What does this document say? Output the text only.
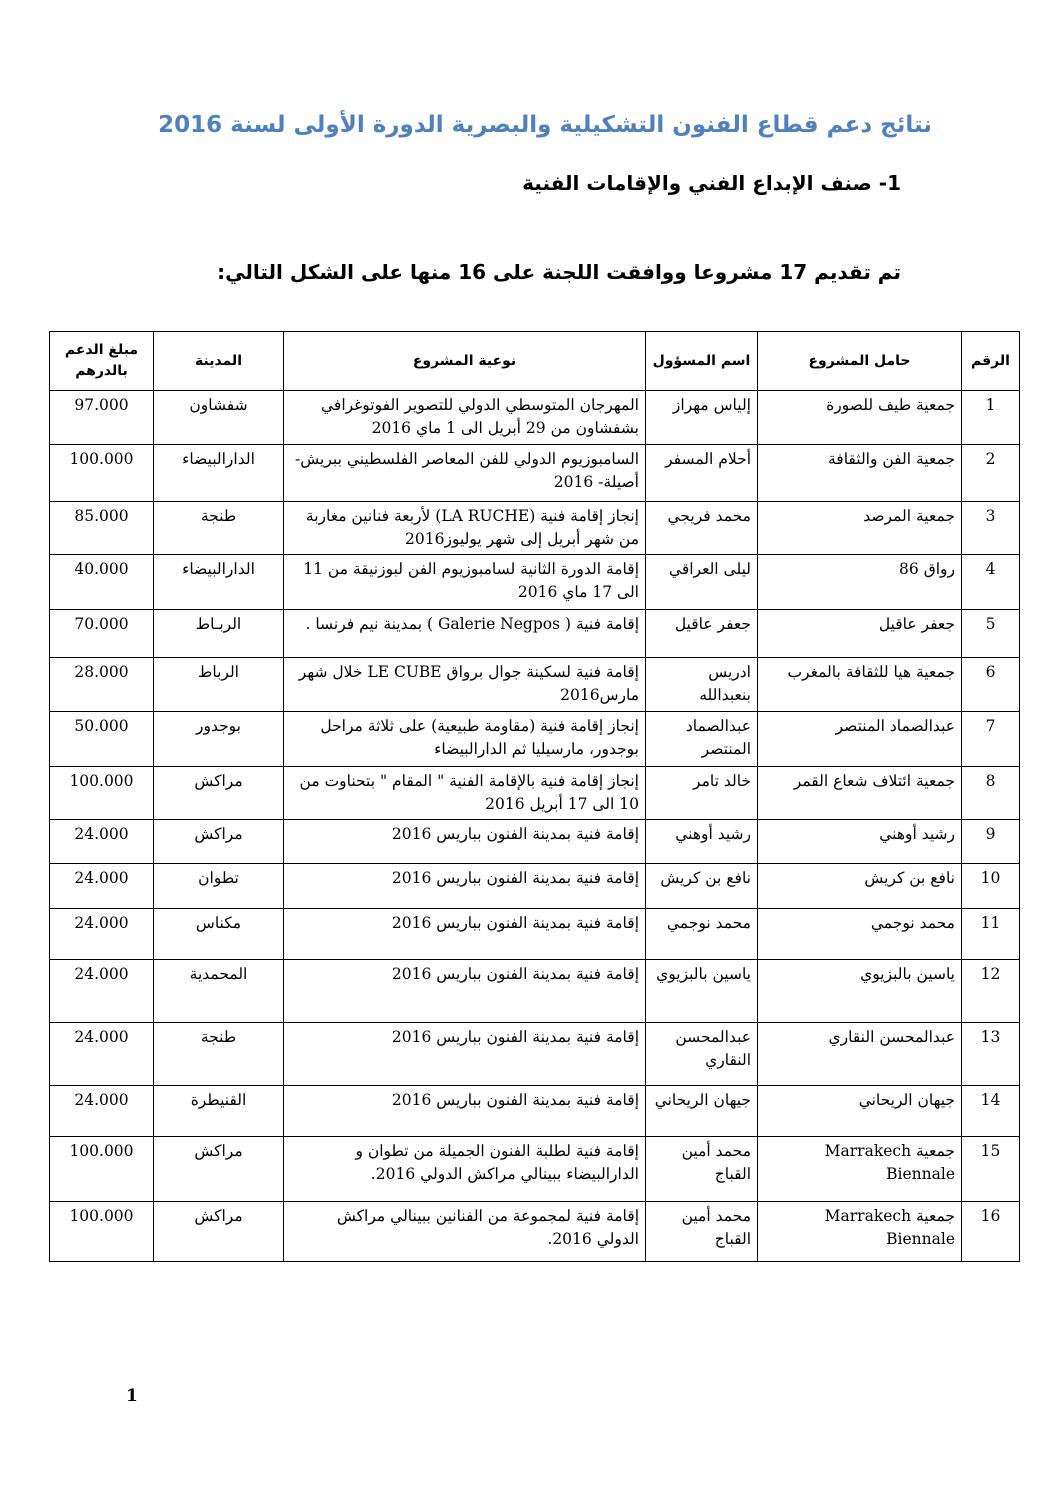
نتائج دعم قطاع الفنون التشكيلية والبصرية الدورة الأولى لسنة 2016
1- صنف الإبداع الفني والإقامات الفنية
تم تقديم 17 مشروعا ووافقت اللجنة على 16 منها على الشكل التالي:
الرقم	حامل المشروع	اسم المسؤول	نوعية المشروع	المدينة	مبلغ الدعم بالدرهم
1	جمعية طيف للصورة	إلياس مهراز	المهرجان المتوسطي الدولي للتصوير الفوتوغرافي بشفشاون من 29 أبريل الى 1 ماي 2016	شفشاون	97.000
2	جمعية الفن والثقافة	أحلام المسفر	السامبوزيوم الدولي للفن المعاصر الفلسطيني ببريش- أصيلة- 2016	الدارالبيضاء	100.000
3	جمعية المرصد	محمد فريجي	إنجاز إقامة فنية (LA RUCHE) لأربعة فنانين مغاربة من شهر أبريل إلى شهر يوليوز2016	طنجة	85.000
4	رواق 86	ليلى العراقي	إقامة الدورة الثانية لسامبوزيوم الفن لبوزنيقة من 11 الى 17 ماي 2016	الدارالبيضاء	40.000
5	جعفر عاقيل	جعفر عاقيل	إقامة فنية ( Galerie Negpos ) بمدينة نيم فرنسا .	الربـاط	70.000
6	جمعية هيا للثقافة بالمغرب	ادريس بنعبدالله	إقامة فنية لسكينة جوال برواق LE CUBE خلال شهر مارس2016	الرباط	28.000
7	عبدالصماد المنتصر	عبدالصماد المنتصر	إنجاز إقامة فنية (مقاومة طبيعية) على ثلاثة مراحل بوجدور، مارسيليا ثم الدارالبيضاء	بوجدور	50.000
8	جمعية ائتلاف شعاع القمر	خالد تامر	إنجاز إقامة فنية بالإقامة الفنية " المقام " بتحناوت من 10 الى 17 أبريل 2016	مراكش	100.000
9	رشيد أوهني	رشيد أوهني	إقامة فنية بمدينة الفنون بباريس 2016	مراكش	24.000
10	نافع بن كريش	نافع بن كريش	إقامة فنية بمدينة الفنون بباريس 2016	تطوان	24.000
11	محمد نوجمي	محمد نوجمي	إقامة فنية بمدينة الفنون بباريس 2016	مكناس	24.000
12	ياسين بالبزيوي	ياسين بالبزيوي	إقامة فنية بمدينة الفنون بباريس 2016	المحمدية	24.000
13	عبدالمحسن النقاري	عبدالمحسن النقاري	إقامة فنية بمدينة الفنون بباريس 2016	طنجة	24.000
14	جيهان الريحاني	جيهان الريحاني	إقامة فنية بمدينة الفنون بباريس 2016	القنيطرة	24.000
15	جمعية Marrakech Biennale	محمد أمين القباج	إقامة فنية لطلبة الفنون الجميلة من تطوان و الدارالبيضاء ببينالي مراكش الدولي 2016.	مراكش	100.000
16	جمعية Marrakech Biennale	محمد أمين القباج	إقامة فنية لمجموعة من الفنانين ببينالي مراكش الدولي 2016.	مراكش	100.000
1
